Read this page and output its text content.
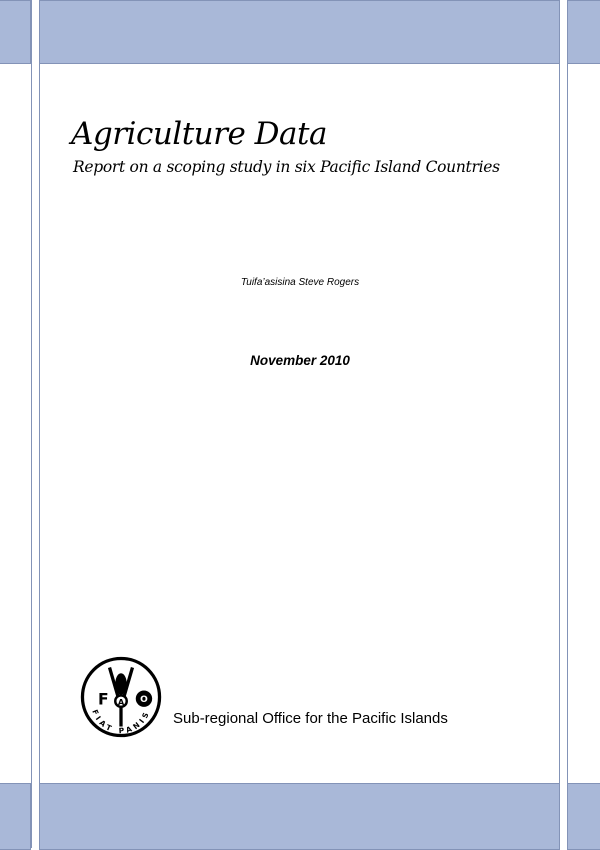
Agriculture Data
Report on a scoping study in six Pacific Island Countries
Tuifa’asisina Steve Rogers
November 2010
F A O
FIAT PANIS Sub-regional Office for the Pacific Islands
